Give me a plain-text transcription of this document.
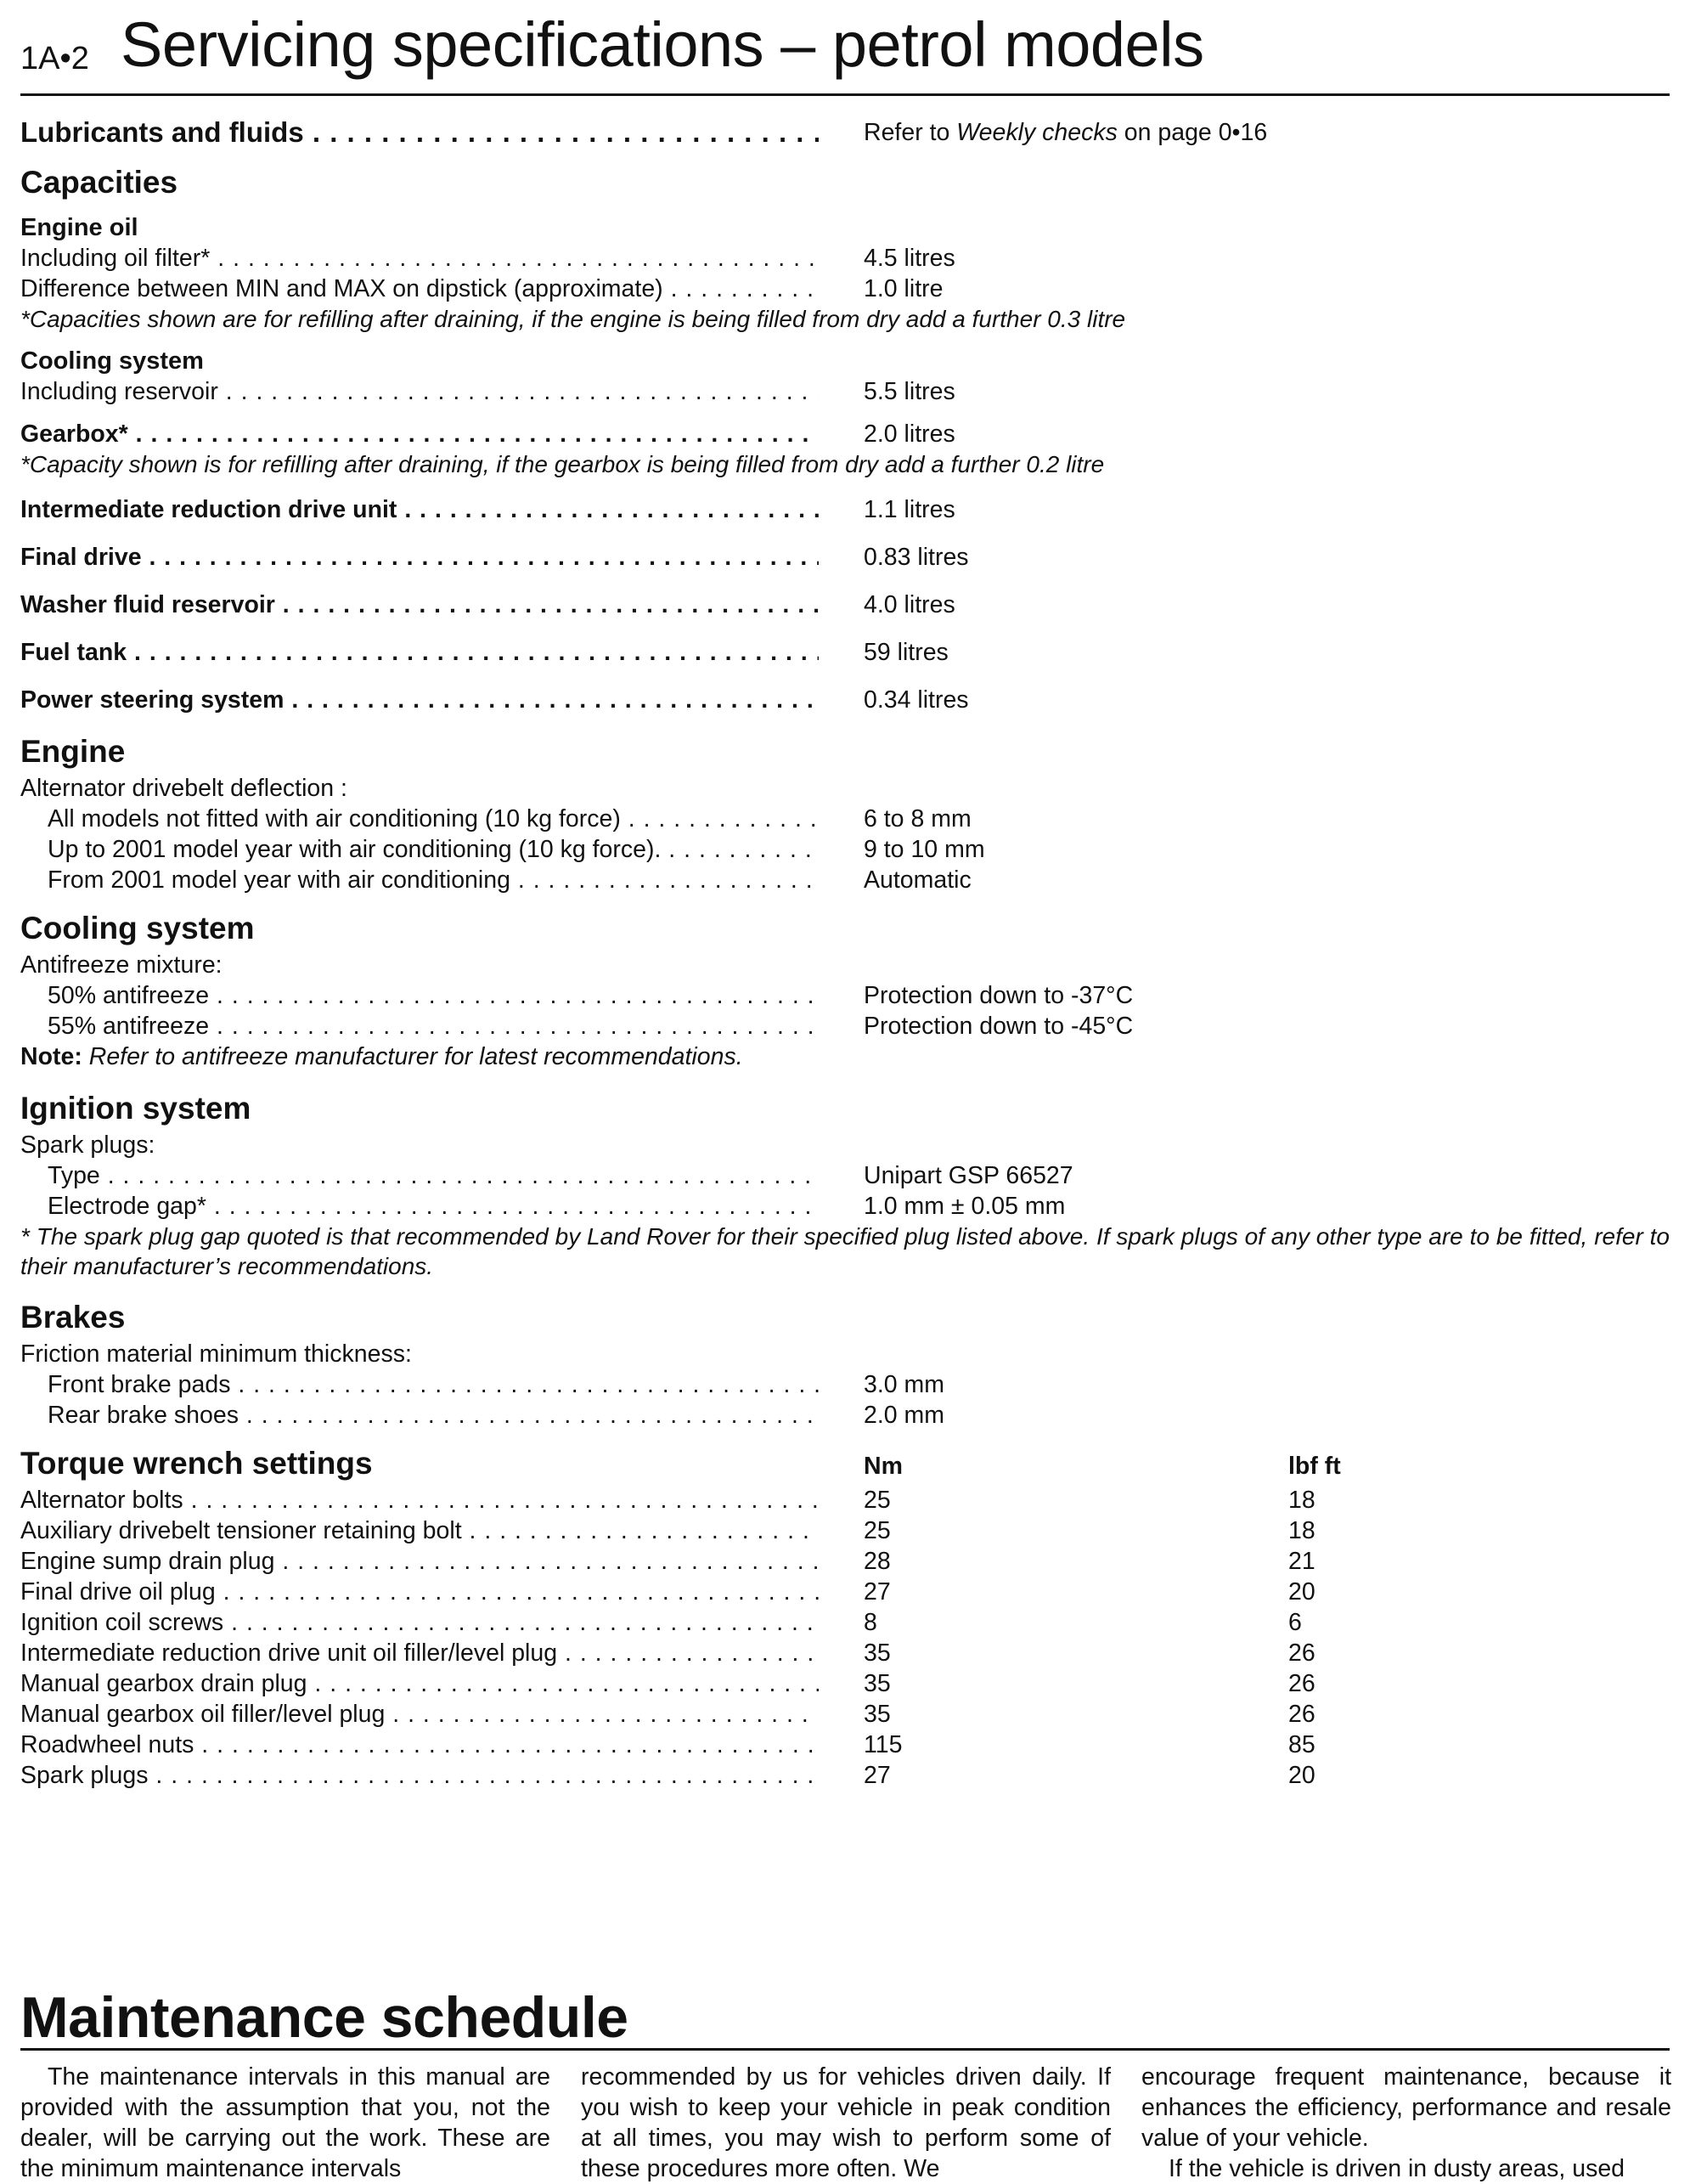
1A•2 Servicing specifications – petrol models
Lubricants and fluids . . .	Refer to Weekly checks on page 0•16
Capacities
Engine oil
Including oil filter* . . .	4.5 litres
Difference between MIN and MAX on dipstick (approximate) . . .	1.0 litre
*Capacities shown are for refilling after draining, if the engine is being filled from dry add a further 0.3 litre
Cooling system
Including reservoir . . .	5.5 litres
Gearbox* . . .	2.0 litres
*Capacity shown is for refilling after draining, if the gearbox is being filled from dry add a further 0.2 litre
Intermediate reduction drive unit . . .	1.1 litres
Final drive . . .	0.83 litres
Washer fluid reservoir . . .	4.0 litres
Fuel tank . . .	59 litres
Power steering system . . .	0.34 litres
Engine
Alternator drivebelt deflection :
All models not fitted with air conditioning (10 kg force) . . .	6 to 8 mm
Up to 2001 model year with air conditioning (10 kg force). . . .	9 to 10 mm
From 2001 model year with air conditioning . . .	Automatic
Cooling system
Antifreeze mixture:
50% antifreeze . . .	Protection down to -37°C
55% antifreeze . . .	Protection down to -45°C
Note: Refer to antifreeze manufacturer for latest recommendations.
Ignition system
Spark plugs:
Type . . .	Unipart GSP 66527
Electrode gap* . . .	1.0 mm ± 0.05 mm
* The spark plug gap quoted is that recommended by Land Rover for their specified plug listed above. If spark plugs of any other type are to be fitted, refer to their manufacturer’s recommendations.
Brakes
Friction material minimum thickness:
Front brake pads . . .	3.0 mm
Rear brake shoes . . .	2.0 mm
Torque wrench settings	Nm	lbf ft
Alternator bolts . . .	25	18
Auxiliary drivebelt tensioner retaining bolt . . .	25	18
Engine sump drain plug . . .	28	21
Final drive oil plug . . .	27	20
Ignition coil screws . . .	8	6
Intermediate reduction drive unit oil filler/level plug . . .	35	26
Manual gearbox drain plug . . .	35	26
Manual gearbox oil filler/level plug . . .	35	26
Roadwheel nuts . . .	115	85
Spark plugs . . .	27	20
Maintenance schedule
The maintenance intervals in this manual are provided with the assumption that you, not the dealer, will be carrying out the work. These are the minimum maintenance intervals
recommended by us for vehicles driven daily. If you wish to keep your vehicle in peak condition at all times, you may wish to perform some of these procedures more often. We
encourage frequent maintenance, because it enhances the efficiency, performance and resale value of your vehicle.
If the vehicle is driven in dusty areas, used
